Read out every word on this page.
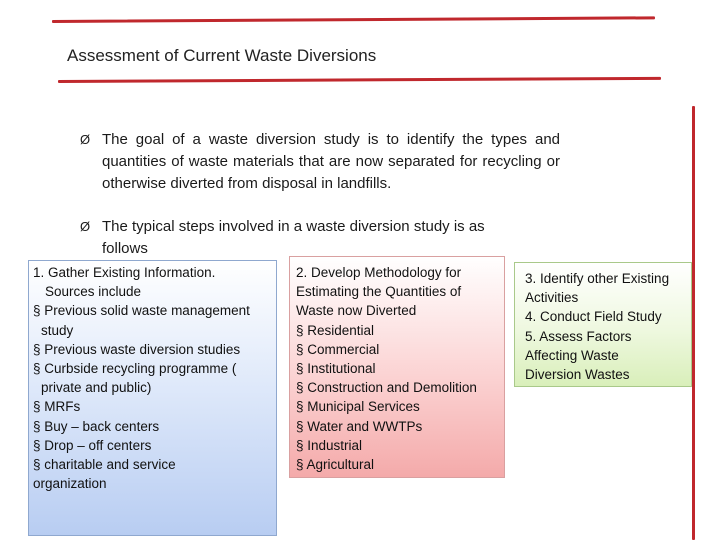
Assessment of Current Waste Diversions
Ø The goal of a waste diversion study is to identify the types and quantities of waste materials that are now separated for recycling or otherwise diverted from disposal in landfills.
Ø The typical steps involved in a waste diversion study is as
follows
1. Gather Existing Information.
Sources include
§ Previous solid waste management
study
§ Previous waste diversion studies
§ Curbside recycling programme (
private and public)
§ MRFs
§ Buy – back centers
§ Drop – off centers
§ charitable and service
organization
2. Develop Methodology for
Estimating the Quantities of
Waste now Diverted
§ Residential
§ Commercial
§ Institutional
§ Construction and Demolition
§ Municipal Services
§ Water and WWTPs
§ Industrial
§ Agricultural
3. Identify other Existing
Activities
4. Conduct Field Study
5. Assess Factors
Affecting Waste
Diversion Wastes
